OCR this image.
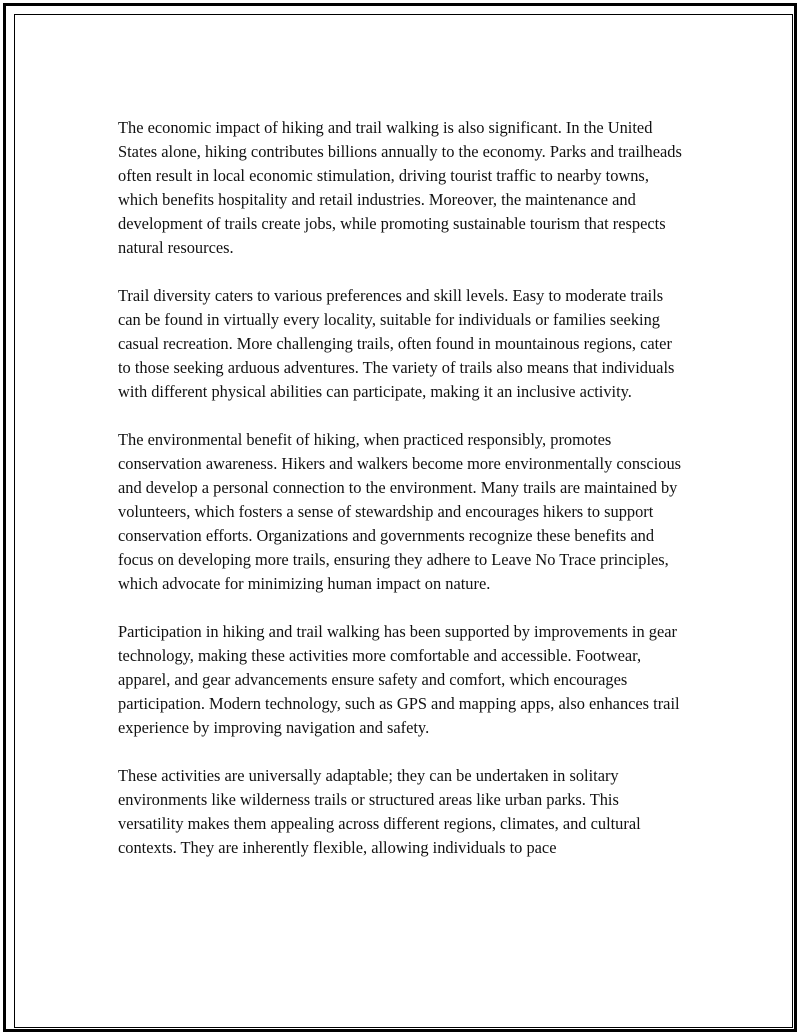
The economic impact of hiking and trail walking is also significant. In the United States alone, hiking contributes billions annually to the economy. Parks and trailheads often result in local economic stimulation, driving tourist traffic to nearby towns, which benefits hospitality and retail industries. Moreover, the maintenance and development of trails create jobs, while promoting sustainable tourism that respects natural resources.

Trail diversity caters to various preferences and skill levels. Easy to moderate trails can be found in virtually every locality, suitable for individuals or families seeking casual recreation. More challenging trails, often found in mountainous regions, cater to those seeking arduous adventures. The variety of trails also means that individuals with different physical abilities can participate, making it an inclusive activity.

The environmental benefit of hiking, when practiced responsibly, promotes conservation awareness. Hikers and walkers become more environmentally conscious and develop a personal connection to the environment. Many trails are maintained by volunteers, which fosters a sense of stewardship and encourages hikers to support conservation efforts. Organizations and governments recognize these benefits and focus on developing more trails, ensuring they adhere to Leave No Trace principles, which advocate for minimizing human impact on nature.

Participation in hiking and trail walking has been supported by improvements in gear technology, making these activities more comfortable and accessible. Footwear, apparel, and gear advancements ensure safety and comfort, which encourages participation. Modern technology, such as GPS and mapping apps, also enhances trail experience by improving navigation and safety.

These activities are universally adaptable; they can be undertaken in solitary environments like wilderness trails or structured areas like urban parks. This versatility makes them appealing across different regions, climates, and cultural contexts. They are inherently flexible, allowing individuals to pace
